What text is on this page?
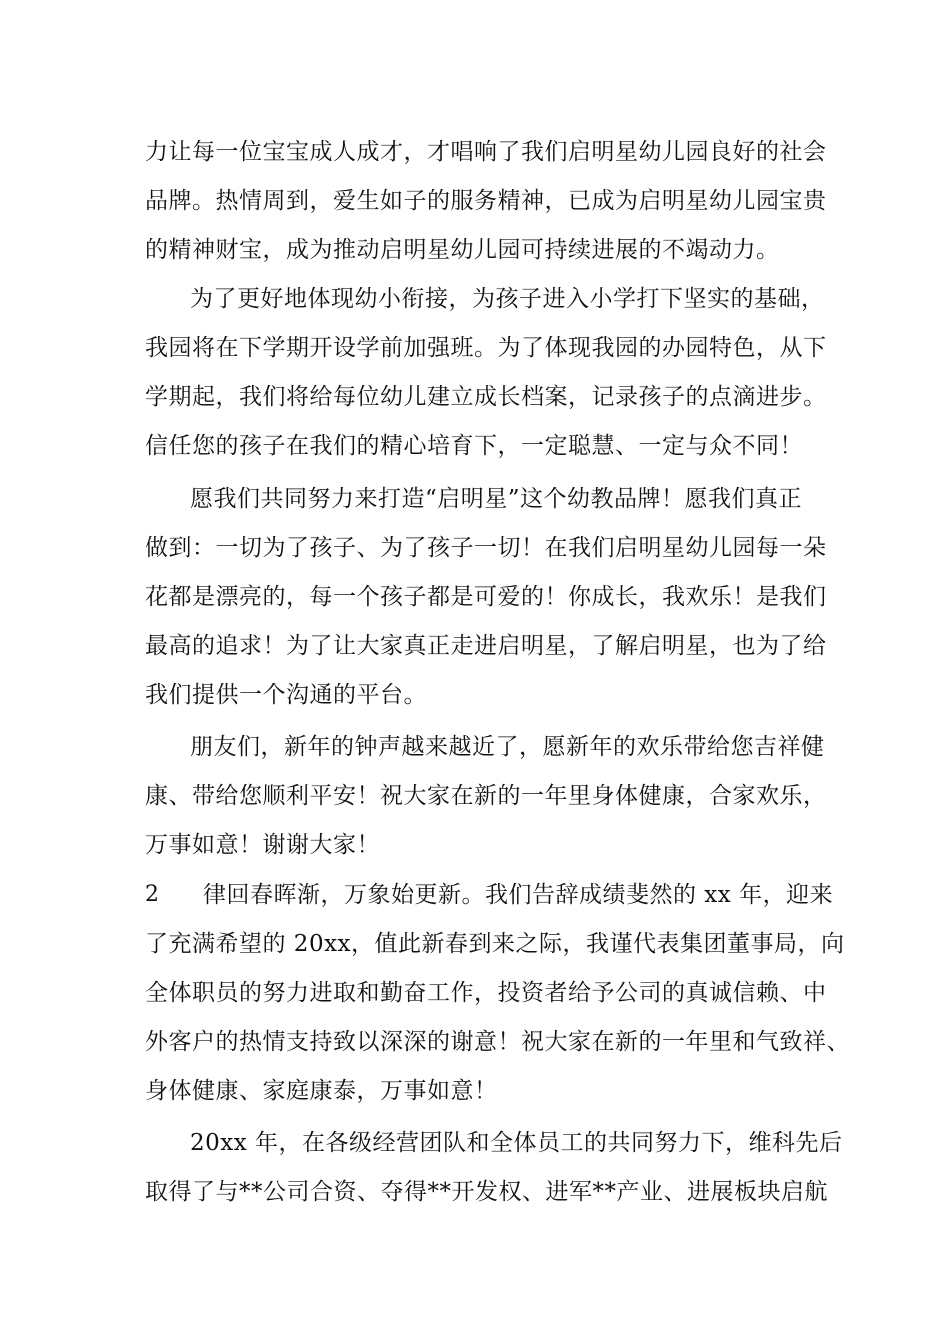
力让每一位宝宝成人成才，才唱响了我们启明星幼儿园良好的社会
品牌。热情周到，爱生如子的服务精神，已成为启明星幼儿园宝贵
的精神财宝，成为推动启明星幼儿园可持续进展的不竭动力。
为了更好地体现幼小衔接，为孩子进入小学打下坚实的基础，
我园将在下学期开设学前加强班。为了体现我园的办园特色，从下
学期起，我们将给每位幼儿建立成长档案，记录孩子的点滴进步。
信任您的孩子在我们的精心培育下，一定聪慧、一定与众不同！
愿我们共同努力来打造“启明星”这个幼教品牌！愿我们真正
做到：一切为了孩子、为了孩子一切！在我们启明星幼儿园每一朵
花都是漂亮的，每一个孩子都是可爱的！你成长，我欢乐！是我们
最高的追求！为了让大家真正走进启明星，了解启明星，也为了给
我们提供一个沟通的平台。
朋友们，新年的钟声越来越近了，愿新年的欢乐带给您吉祥健
康、带给您顺利平安！祝大家在新的一年里身体健康，合家欢乐，
万事如意！谢谢大家！
2 律回春晖渐，万象始更新。我们告辞成绩斐然的 xx 年，迎来
了充满希望的 20xx，值此新春到来之际，我谨代表集团董事局，向
全体职员的努力进取和勤奋工作，投资者给予公司的真诚信赖、中
外客户的热情支持致以深深的谢意！祝大家在新的一年里和气致祥、
身体健康、家庭康泰，万事如意！
20xx 年，在各级经营团队和全体员工的共同努力下，维科先后
取得了与**公司合资、夺得**开发权、进军**产业、进展板块启航
